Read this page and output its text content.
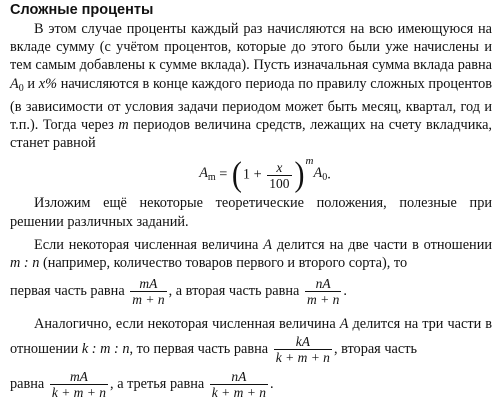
Сложные проценты

В этом случае проценты каждый раз начисляются на всю имеющуюся на вкладе сумму (с учётом процентов, которые до этого были уже начислены и тем самым добавлены к сумме вклада). Пусть изначальная сумма вклада равна $A_0$ и x% начисляются в конце каждого периода по правилу сложных процентов (в зависимости от условия задачи периодом может быть месяц, квартал, год и т.п.). Тогда через m периодов величина средств, лежащих на счету вкладчика, станет равной

$A_m = (1 + \frac{x}{100} )^mA_0$.

Изложим ещё некоторые теоретические положения, полезные при решении различных заданий.

Если некоторая численная величина A делится на две части в отношении m : n (например, количество товаров первого и второго сорта), то

первая часть равна $\frac{mA}{m + n}$ , а вторая часть равна $\frac{nA}{m + n}$ .

Аналогично, если некоторая численная величина A делится на три части в отношении k : m : n, то первая часть равна $\frac{kA}{k + m + n}$ , вторая часть

равна $\frac{mA}{k + m + n}$ , а третья равна $\frac{nA}{k + m + n}$ .
